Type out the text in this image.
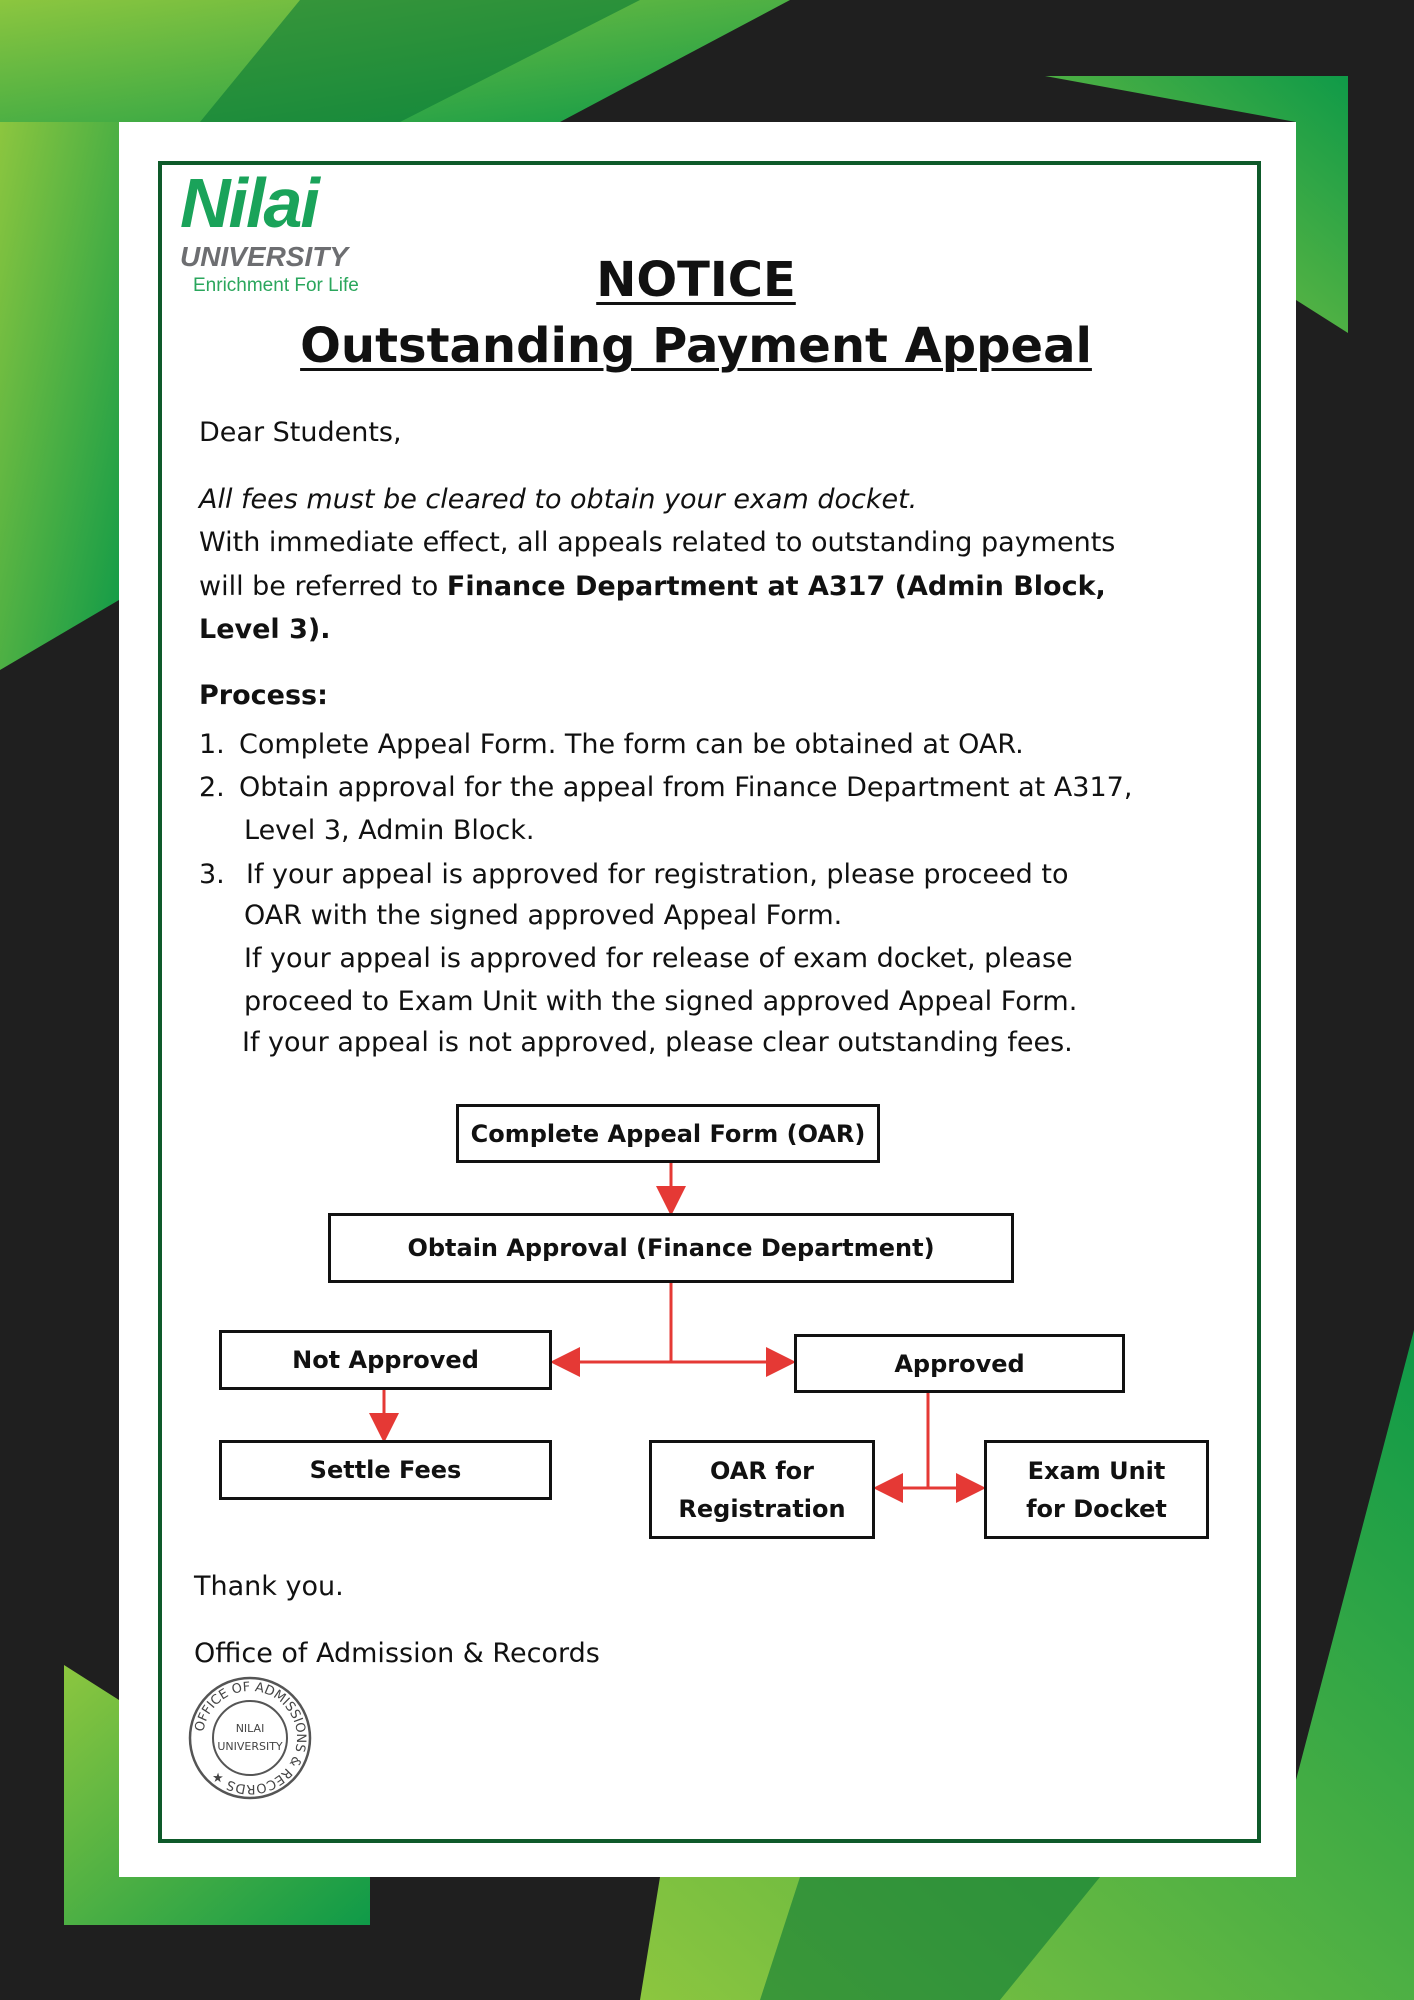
Nilai
UNIVERSITY
Enrichment For Life	NOTICE
Outstanding Payment Appeal
Dear Students,
All fees must be cleared to obtain your exam docket.
With immediate effect, all appeals related to outstanding payments
will be referred to Finance Department at A317 (Admin Block,
Level 3).
Process:
1. Complete Appeal Form. The form can be obtained at OAR.
2. Obtain approval for the appeal from Finance Department at A317,
Level 3, Admin Block.
3. If your appeal is approved for registration, please proceed to
OAR with the signed approved Appeal Form.
If your appeal is approved for release of exam docket, please
proceed to Exam Unit with the signed approved Appeal Form.
If your appeal is not approved, please clear outstanding fees.
Complete Appeal Form (OAR)
Obtain Approval (Finance Department)
Not Approved	Approved
Settle Fees	OAR for
Registration
Exam Unit
for Docket
Thank you.
Office of Admission & Records
OFFICE OF ADMISSIONS & RECORDS ★
NILAI
UNIVERSITY
